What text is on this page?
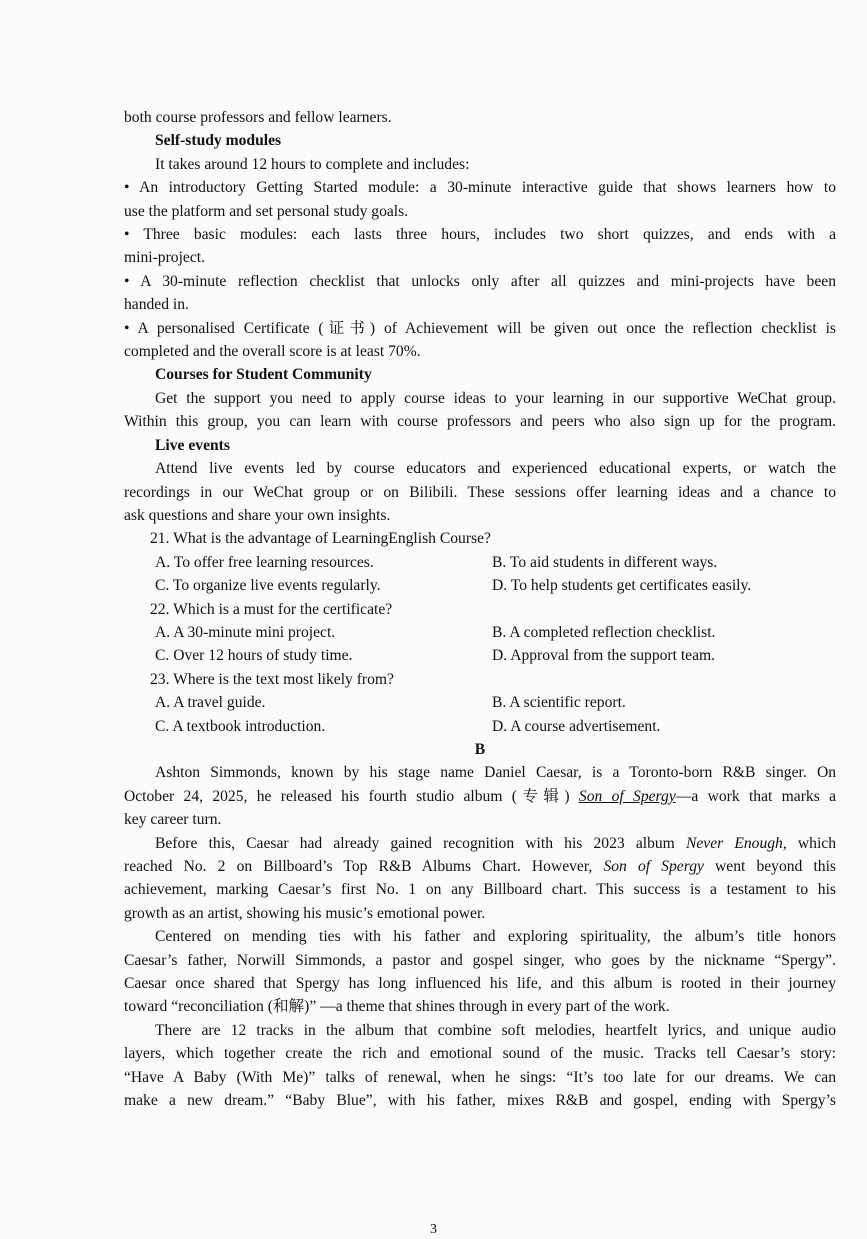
both course professors and fellow learners.

Self-study modules

It takes around 12 hours to complete and includes:

• An introductory Getting Started module: a 30-minute interactive guide that shows learners how to

use the platform and set personal study goals.

• Three basic modules: each lasts three hours, includes two short quizzes, and ends with a

mini-project.

• A 30-minute reflection checklist that unlocks only after all quizzes and mini-projects have been

handed in.

• A personalised Certificate (证书) of Achievement will be given out once the reflection checklist is

completed and the overall score is at least 70%.

Courses for Student Community

Get the support you need to apply course ideas to your learning in our supportive WeChat group.

Within this group, you can learn with course professors and peers who also sign up for the program.

Live events

Attend live events led by course educators and experienced educational experts, or watch the

recordings in our WeChat group or on Bilibili. These sessions offer learning ideas and a chance to

ask questions and share your own insights.

21. What is the advantage of LearningEnglish Course?

A. To offer free learning resources.	B. To aid students in different ways.
C. To organize live events regularly.	D. To help students get certificates easily.

22. Which is a must for the certificate?

A. A 30-minute mini project.	B. A completed reflection checklist.
C. Over 12 hours of study time.	D. Approval from the support team.

23. Where is the text most likely from?

A. A travel guide.	B. A scientific report.
C. A textbook introduction.	D. A course advertisement.

B

Ashton Simmonds, known by his stage name Daniel Caesar, is a Toronto-born R&B singer. On

October 24, 2025, he released his fourth studio album (专辑) Son of Spergy—a work that marks a

key career turn.

Before this, Caesar had already gained recognition with his 2023 album Never Enough, which

reached No. 2 on Billboard’s Top R&B Albums Chart. However, Son of Spergy went beyond this

achievement, marking Caesar’s first No. 1 on any Billboard chart. This success is a testament to his

growth as an artist, showing his music’s emotional power.

Centered on mending ties with his father and exploring spirituality, the album’s title honors

Caesar’s father, Norwill Simmonds, a pastor and gospel singer, who goes by the nickname “Spergy”.

Caesar once shared that Spergy has long influenced his life, and this album is rooted in their journey

toward “reconciliation (和解)” —a theme that shines through in every part of the work.

There are 12 tracks in the album that combine soft melodies, heartfelt lyrics, and unique audio

layers, which together create the rich and emotional sound of the music. Tracks tell Caesar’s story:

“Have A Baby (With Me)” talks of renewal, when he sings: “It’s too late for our dreams. We can

make a new dream.” “Baby Blue”, with his father, mixes R&B and gospel, ending with Spergy’s

3
